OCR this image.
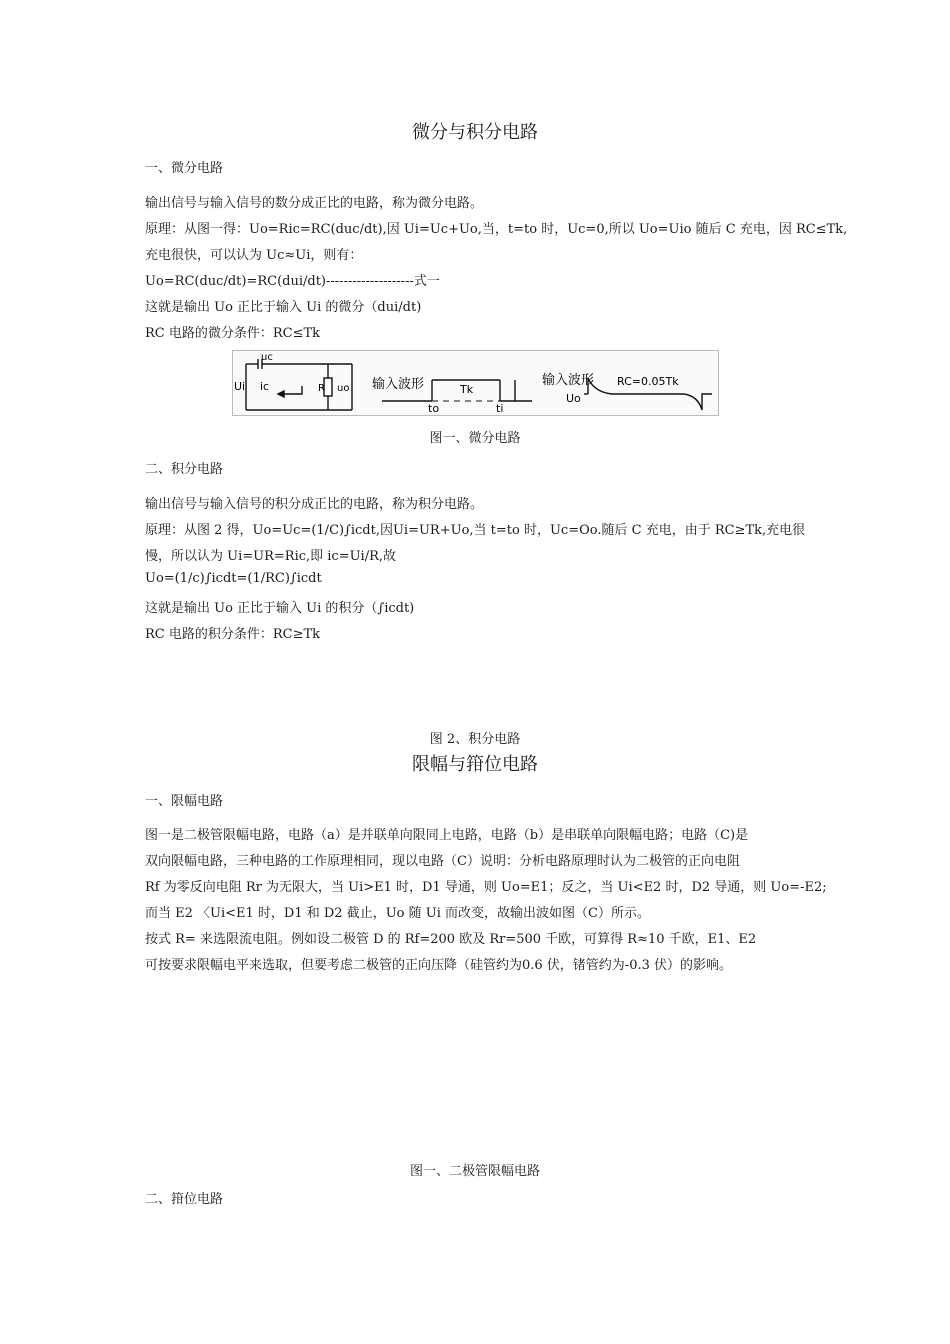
微分与积分电路
一、微分电路
输出信号与输入信号的数分成正比的电路，称为微分电路。
原理：从图一得：Uo=Ric=RC(duc/dt),因 Ui=Uc+Uo,当，t=to 时，Uc=0,所以 Uo=Uio 随后 C 充电，因 RC≤Tk,
充电很快，可以认为 Uc≈Ui，则有：
Uo=RC(duc/dt)=RC(dui/dt)--------------------式一
这就是输出 Uo 正比于输入 Ui 的微分（dui/dt)
RC 电路的微分条件：RC≤Tk
uc
Ui ic	R uo 输入波形	Tk
to	ti
输入波形 RC=0.05Tk
Uo
图一、微分电路
二、积分电路
输出信号与输入信号的积分成正比的电路，称为积分电路。
原理：从图 2 得，Uo=Uc=(1/C)∫icdt,因Ui=UR+Uo,当 t=to 时，Uc=Oo.随后 C 充电，由于 RC≥Tk,充电很
慢，所以认为 Ui=UR=Ric,即 ic=Ui/R,故
Uo=(1/c)∫icdt=(1/RC)∫icdt
这就是输出 Uo 正比于输入 Ui 的积分（∫icdt)
RC 电路的积分条件：RC≥Tk
图 2、积分电路
限幅与箝位电路
一、限幅电路
图一是二极管限幅电路，电路（a）是并联单向限同上电路，电路（b）是串联单向限幅电路；电路（C)是
双向限幅电路，三种电路的工作原理相同，现以电路（C）说明：分析电路原理时认为二极管的正向电阻
Rf 为零反向电阻 Rr 为无限大，当 Ui>E1 时，D1 导通，则 Uo=E1；反之，当 Ui<E2 时，D2 导通，则 Uo=-E2;
而当 E2 〈Ui<E1 时，D1 和 D2 截止，Uo 随 Ui 而改变，故输出波如图（C）所示。
按式 R= 来选限流电阻。例如设二极管 D 的 Rf=200 欧及 Rr=500 千欧，可算得 R≈10 千欧，E1、E2
可按要求限幅电平来选取，但要考虑二极管的正向压降（硅管约为0.6 伏，锗管约为-0.3 伏）的影响。
图一、二极管限幅电路
二、箝位电路
